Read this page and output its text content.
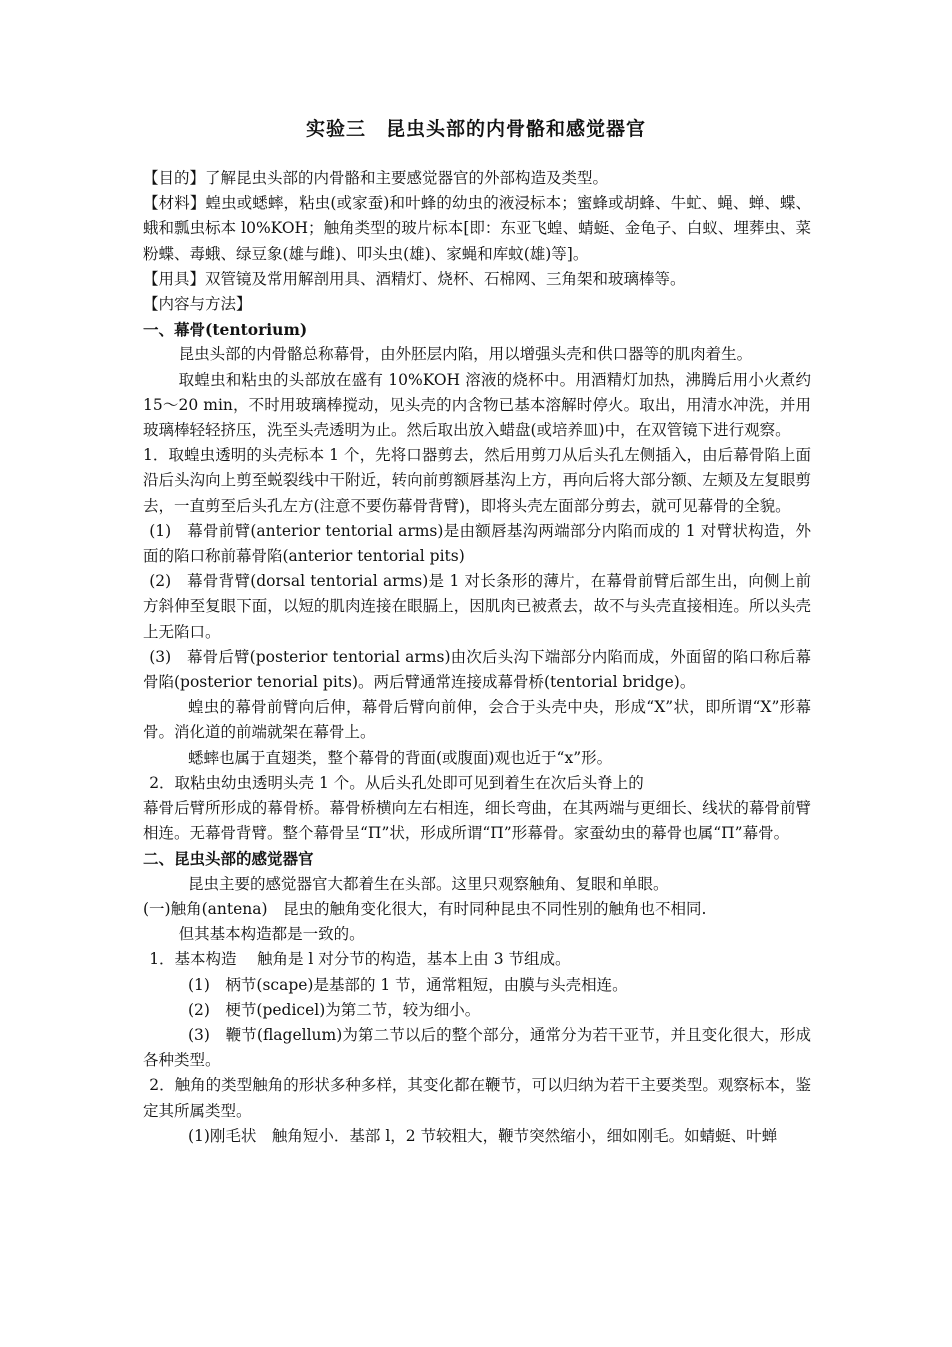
实验三　昆虫头部的内骨骼和感觉器官

【目的】了解昆虫头部的内骨骼和主要感觉器官的外部构造及类型。

【材料】蝗虫或蟋蟀，粘虫(或家蚕)和叶蜂的幼虫的液浸标本；蜜蜂或胡蜂、牛虻、蝇、蝉、蝶、蛾和瓢虫标本 l0%KOH；触角类型的玻片标本[即：东亚飞蝗、蜻蜓、金龟子、白蚁、埋葬虫、菜粉蝶、毒蛾、绿豆象(雄与雌)、叩头虫(雄)、家蝇和库蚊(雄)等]。

【用具】双管镜及常用解剖用具、酒精灯、烧杯、石棉网、三角架和玻璃棒等。

【内容与方法】

一、幕骨(tentorium)

昆虫头部的内骨骼总称幕骨，由外胚层内陷，用以增强头壳和供口器等的肌肉着生。

取蝗虫和粘虫的头部放在盛有 10%KOH 溶液的烧杯中。用酒精灯加热，沸腾后用小火煮约 15～20 min，不时用玻璃棒搅动，见头壳的内含物已基本溶解时停火。取出，用清水冲洗，并用玻璃棒轻轻挤压，洗至头壳透明为止。然后取出放入蜡盘(或培养皿)中，在双管镜下进行观察。

1．取蝗虫透明的头壳标本 1 个，先将口器剪去，然后用剪刀从后头孔左侧插入，由后幕骨陷上面沿后头沟向上剪至蜕裂线中干附近，转向前剪额唇基沟上方，再向后将大部分额、左颊及左复眼剪去，一直剪至后头孔左方(注意不要伤幕骨背臂)，即将头壳左面部分剪去，就可见幕骨的全貌。

(1)　幕骨前臂(anterior tentorial arms)是由额唇基沟两端部分内陷而成的 1 对臂状构造，外面的陷口称前幕骨陷(anterior tentorial pits)

(2)　幕骨背臂(dorsal tentorial arms)是 1 对长条形的薄片，在幕骨前臂后部生出，向侧上前方斜伸至复眼下面，以短的肌肉连接在眼膈上，因肌肉已被煮去，故不与头壳直接相连。所以头壳上无陷口。

(3)　幕骨后臂(posterior tentorial arms)由次后头沟下端部分内陷而成，外面留的陷口称后幕骨陷(posterior tenorial pits)。两后臂通常连接成幕骨桥(tentorial bridge)。

蝗虫的幕骨前臂向后伸，幕骨后臂向前伸，会合于头壳中央，形成“X”状，即所谓“X”形幕骨。消化道的前端就架在幕骨上。

蟋蟀也属于直翅类，整个幕骨的背面(或腹面)观也近于“x”形。

2．取粘虫幼虫透明头壳 1 个。从后头孔处即可见到着生在次后头脊上的

幕骨后臂所形成的幕骨桥。幕骨桥横向左右相连，细长弯曲，在其两端与更细长、线状的幕骨前臂相连。无幕骨背臂。整个幕骨呈“Π”状，形成所谓“Π”形幕骨。家蚕幼虫的幕骨也属“Π”幕骨。

二、昆虫头部的感觉器官

昆虫主要的感觉器官大都着生在头部。这里只观察触角、复眼和单眼。

(一)触角(antena)　昆虫的触角变化很大，有时同种昆虫不同性别的触角也不相同.

但其基本构造都是一致的。

1．基本构造　 触角是 l 对分节的构造，基本上由 3 节组成。

(1)　柄节(scape)是基部的 1 节，通常粗短，由膜与头壳相连。

(2)　梗节(pedicel)为第二节，较为细小。

(3)　鞭节(flagellum)为第二节以后的整个部分，通常分为若干亚节，并且变化很大，形成各种类型。

2．触角的类型触角的形状多种多样，其变化都在鞭节，可以归纳为若干主要类型。观察标本，鉴定其所属类型。

(1)刚毛状　触角短小．基部 l，2 节较粗大，鞭节突然缩小，细如刚毛。如蜻蜓、叶蝉
